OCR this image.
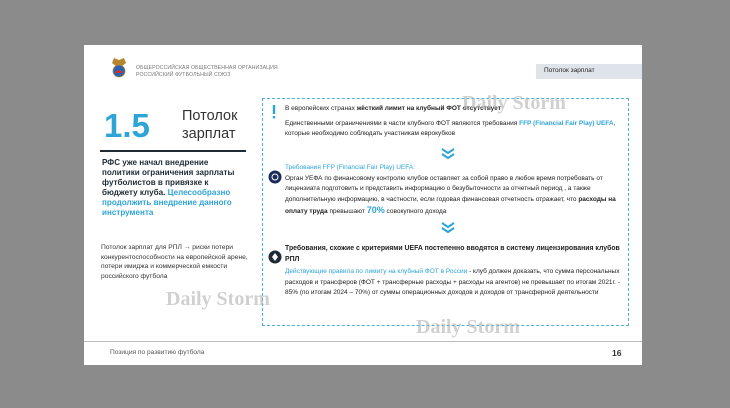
ОБЩЕРОССИЙСКАЯ ОБЩЕСТВЕННАЯ ОРГАНИЗАЦИЯ
РОССИЙСКИЙ ФУТБОЛЬНЫЙ СОЮЗ
Потолок зарплат
1.5 Потолок зарплат

РФС уже начал внедрение политики ограничения зарплаты футболистов в привязке к бюджету клуба. Целесообразно продолжить внедрение данного инструмента

Потолок зарплат для РПЛ → риски потери конкурентоспособности на европейской арене, потери имиджа и коммерческой емкости российского футбола
В европейских странах жёсткий лимит на клубный ФОТ отсутствует
Единственными ограничениями в части клубного ФОТ являются требования FFP (Financial Fair Play) UEFA, которые необходимо соблюдать участникам еврокубков
Требования FFP (Financial Fair Play) UEFA:
Орган УЕФА по финансовому контролю клубов оставляет за собой право в любое время потребовать от лицензиата подготовить и представить информацию о безубыточности за отчетный период , а также дополнительную информацию, в частности, если годовая финансовая отчетность отражает, что расходы на оплату труда превышают 70% совокупного дохода
Требования, схожие с критериями UEFA постепенно вводятся в систему лицензирования клубов РПЛ
Действующие правила по лимиту на клубный ФОТ в России - клуб должен доказать, что сумма персональных расходов и трансферов (ФОТ + трансферные расходы + расходы на агентов) не превышает по итогам 2021г. - 85% (по итогам 2024 – 70%) от суммы операционных доходов и доходов от трансферной деятельности
Позиция по развитию футбола	16
Daily Storm
Daily Storm
Daily Storm
